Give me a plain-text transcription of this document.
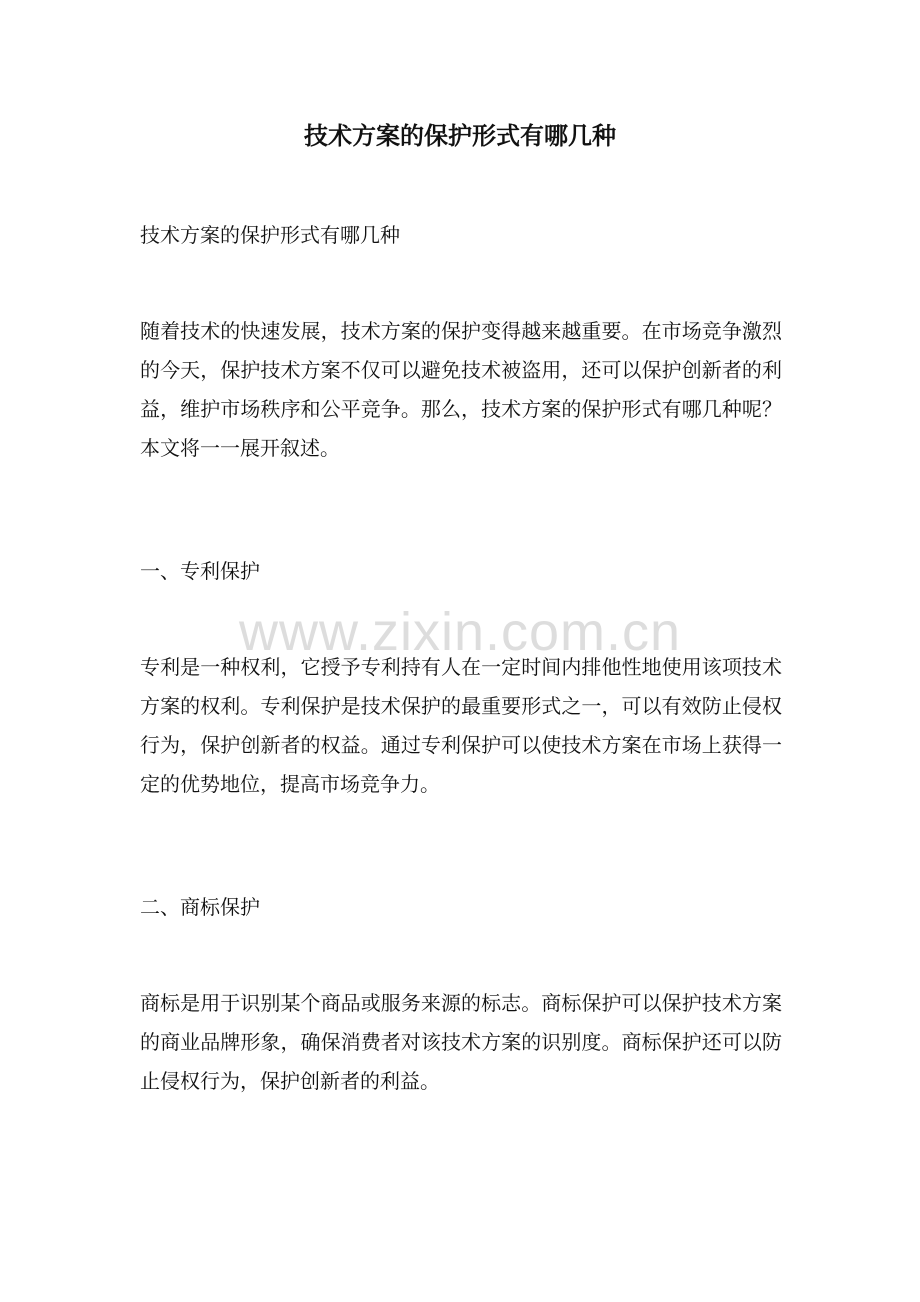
技术方案的保护形式有哪几种

技术方案的保护形式有哪几种

随着技术的快速发展，技术方案的保护变得越来越重要。在市场竞争激烈的今天，保护技术方案不仅可以避免技术被盗用，还可以保护创新者的利益，维护市场秩序和公平竞争。那么，技术方案的保护形式有哪几种呢？本文将一一展开叙述。

一、专利保护

专利是一种权利，它授予专利持有人在一定时间内排他性地使用该项技术方案的权利。专利保护是技术保护的最重要形式之一，可以有效防止侵权行为，保护创新者的权益。通过专利保护可以使技术方案在市场上获得一定的优势地位，提高市场竞争力。

二、商标保护

商标是用于识别某个商品或服务来源的标志。商标保护可以保护技术方案的商业品牌形象，确保消费者对该技术方案的识别度。商标保护还可以防止侵权行为，保护创新者的利益。

www.zixin.com.cn
